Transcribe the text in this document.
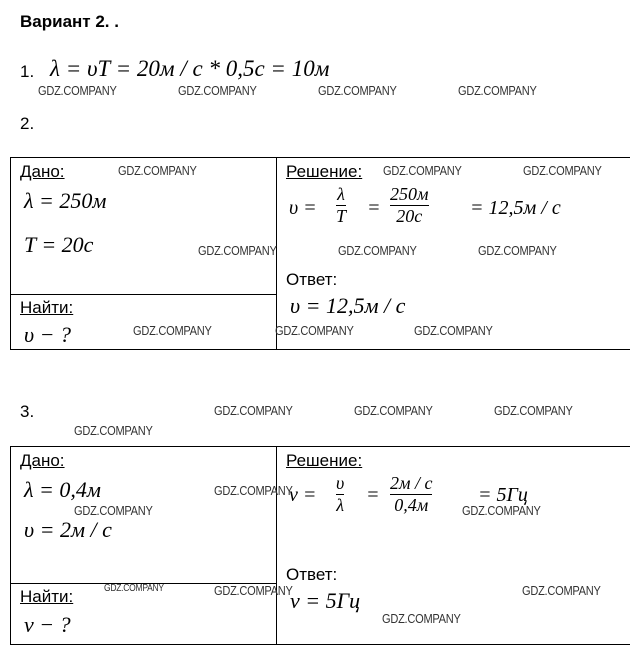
Вариант 2. .
1. λ = υT = 20м / с * 0,5с = 10м
GDZ.COMPANY	GDZ.COMPANY	GDZ.COMPANY	GDZ.COMPANY
2.
Дано:
λ = 250м
T = 20с
Найти:
υ − ?
Решение:
υ =
λ
T =
250м
20с = 12,5м / с
Ответ:
υ = 12,5м / с
GDZ.COMPANY	GDZ.COMPANY	GDZ.COMPANY
GDZ.COMPANY	GDZ.COMPANY	GDZ.COMPANY
GDZ.COMPANY	GDZ.COMPANY	GDZ.COMPANY
3.	GDZ.COMPANY	GDZ.COMPANY	GDZ.COMPANY
GDZ.COMPANY
Дано:
λ = 0,4м
υ = 2м / с
Найти:
ν − ?
Решение:
ν =
υ
λ =
2м / с
0,4м = 5Гц
Ответ:
ν = 5Гц
GDZ.COMPANY
GDZ.COMPANY	GDZ.COMPANY
GDZ.COMPANY	GDZ.COMPANY	GDZ.COMPANY
GDZ.COMPANY
